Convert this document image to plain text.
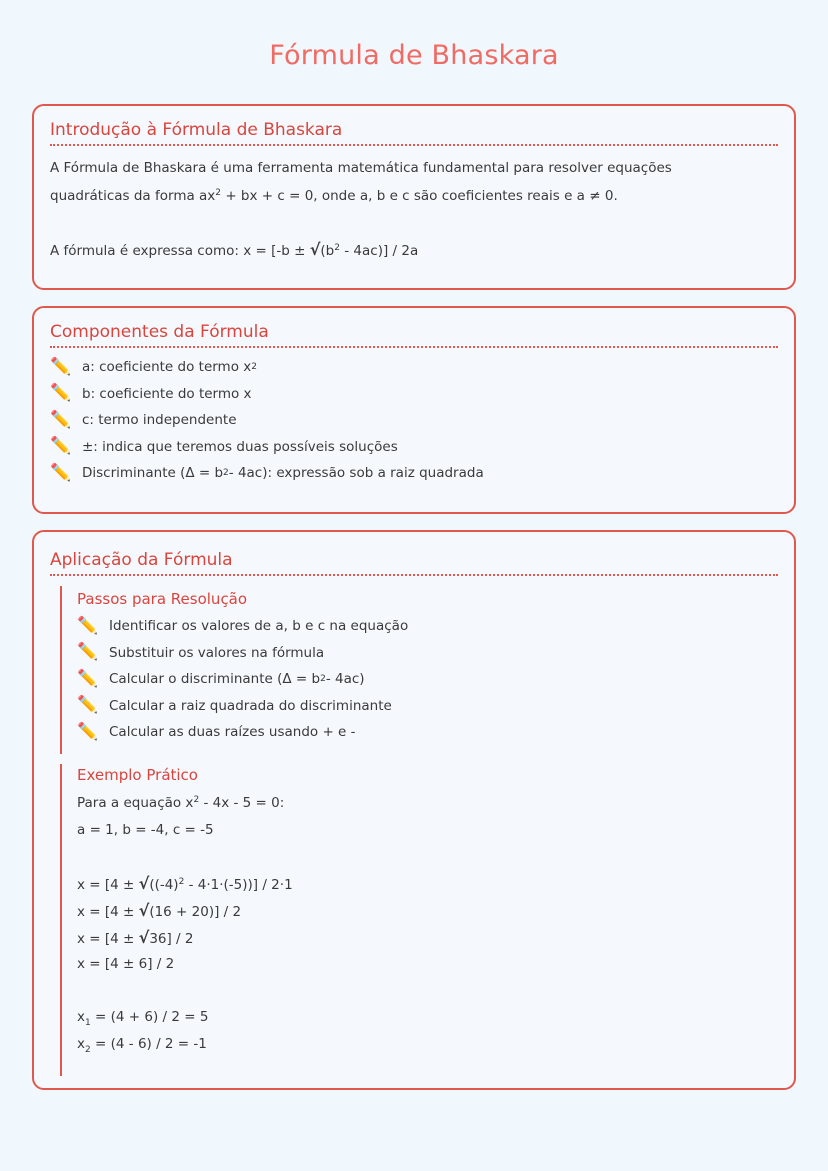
Fórmula de Bhaskara
Introdução à Fórmula de Bhaskara

A Fórmula de Bhaskara é uma ferramenta matemática fundamental para resolver equações

quadráticas da forma $ax^2$ + bx + c = 0, onde a, b e c são coeficientes reais e a ≠ 0.

A fórmula é expressa como: $x = [-b \pm √(b^2 - 4ac)] / 2a$

Componentes da Fórmula
✏️ a: coeficiente do termo x 2
✏️ b: coeficiente do termo x
✏️ c: termo independente
✏️ ±: indica que teremos duas possíveis soluções
✏️ Discriminante (Δ = b 2 - 4ac): expressão sob a raiz quadrada
Aplicação da Fórmula
Passos para Resolução
✏️ Identificar os valores de a, b e c na equação
✏️ Substituir os valores na fórmula
✏️ Calcular o discriminante (Δ = b 2 - 4ac)
✏️ Calcular a raiz quadrada do discriminante
✏️ Calcular as duas raízes usando + e -
Exemplo Prático
Para a equação $x^2 - 4x - 5 = 0$:
a = 1, b = -4, c = -5
$x = [4 \pm √((-4)^2 - 4\cdot 1\cdot(-5))] / 2\cdot 1$
x = [4 ± √(16 + 20)] / 2
x = [4 ± √36] / 2
x = [4 ± 6] / 2
$x_1 = (4 + 6) / 2 = 5$
$x_2 = (4 - 6) / 2 = -1$
